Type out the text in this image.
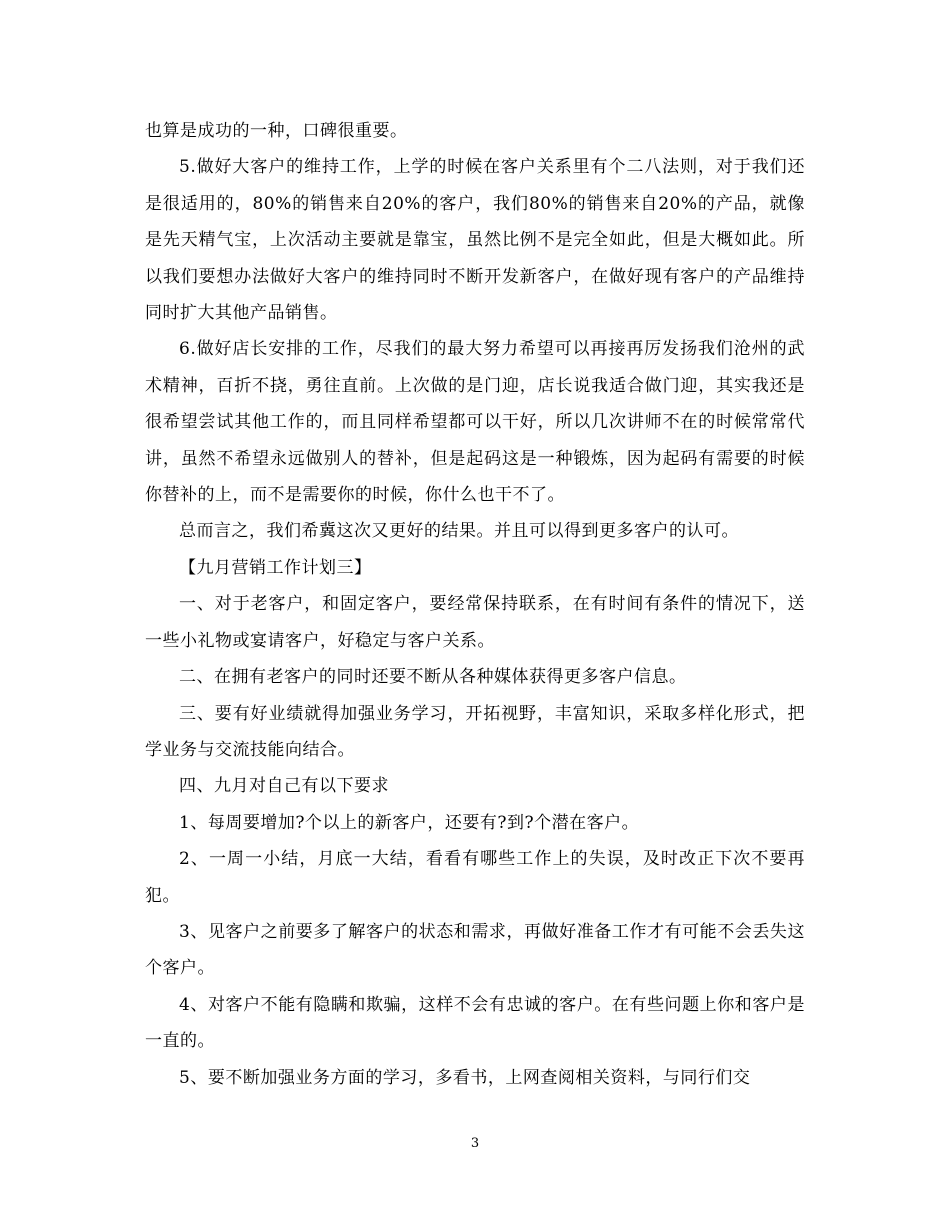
也算是成功的一种，口碑很重要。

5.做好大客户的维持工作，上学的时候在客户关系里有个二八法则，对于我们还是很适用的，80%的销售来自20%的客户，我们80%的销售来自20%的产品，就像是先天精气宝，上次活动主要就是靠宝，虽然比例不是完全如此，但是大概如此。所以我们要想办法做好大客户的维持同时不断开发新客户，在做好现有客户的产品维持同时扩大其他产品销售。

6.做好店长安排的工作，尽我们的最大努力希望可以再接再厉发扬我们沧州的武术精神，百折不挠，勇往直前。上次做的是门迎，店长说我适合做门迎，其实我还是很希望尝试其他工作的，而且同样希望都可以干好，所以几次讲师不在的时候常常代讲，虽然不希望永远做别人的替补，但是起码这是一种锻炼，因为起码有需要的时候你替补的上，而不是需要你的时候，你什么也干不了。

总而言之，我们希冀这次又更好的结果。并且可以得到更多客户的认可。

【九月营销工作计划三】

一、对于老客户，和固定客户，要经常保持联系，在有时间有条件的情况下，送一些小礼物或宴请客户，好稳定与客户关系。

二、在拥有老客户的同时还要不断从各种媒体获得更多客户信息。

三、要有好业绩就得加强业务学习，开拓视野，丰富知识，采取多样化形式，把学业务与交流技能向结合。

四、九月对自己有以下要求

1、每周要增加?个以上的新客户，还要有?到?个潜在客户。

2、一周一小结，月底一大结，看看有哪些工作上的失误，及时改正下次不要再犯。

3、见客户之前要多了解客户的状态和需求，再做好准备工作才有可能不会丢失这个客户。

4、对客户不能有隐瞒和欺骗，这样不会有忠诚的客户。在有些问题上你和客户是一直的。

5、要不断加强业务方面的学习，多看书，上网查阅相关资料，与同行们交

3
